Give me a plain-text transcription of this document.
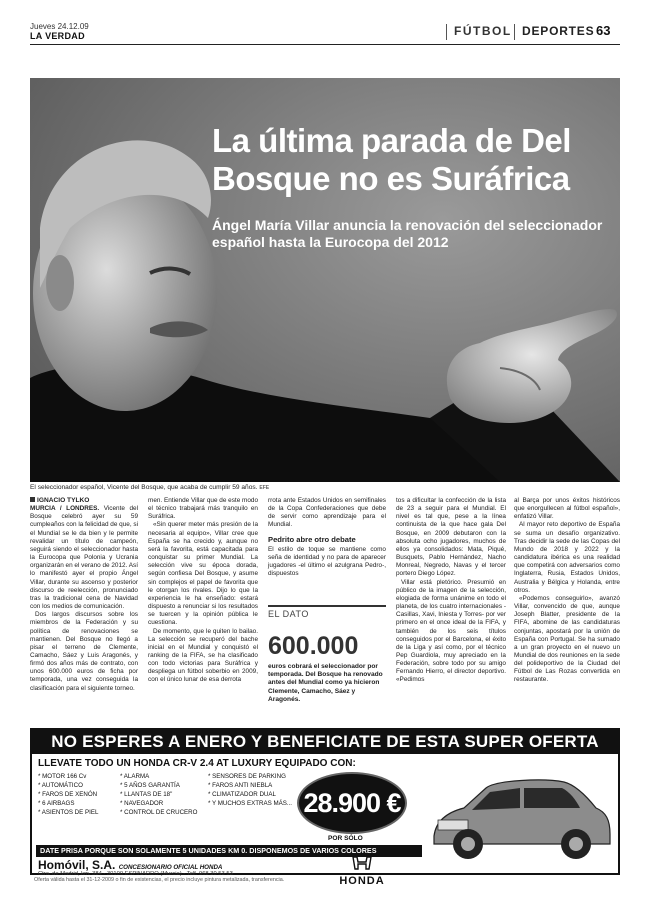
Jueves 24.12.09
LA VERDAD	FÚTBOL DEPORTES 63
La última parada de Del
Bosque no es Suráfrica
Ángel María Villar anuncia la renovación del seleccionador
español hasta la Eurocopa del 2012
El seleccionador español, Vicente del Bosque, que acaba de cumplir 59 años. EFE
IGNACIO TYLKO
MURCIA / LONDRES. Vicente del Bosque celebró ayer su 59 cumpleaños con la felicidad de que, si el Mundial se le da bien y le permite revalidar un título de campeón, seguirá siendo el seleccionador hasta la Eurocopa que Polonia y Ucrania organizarán en el verano de 2012. Así lo manifestó ayer el propio Ángel Villar, durante su ascenso y posterior discurso de reelección, pronunciado tras la tradicional cena de Navidad con los medios de comunicación.

Dos largos discursos sobre los miembros de la Federación y su política de renovaciones se mantienen. Del Bosque no llegó a pisar el terreno de Clemente, Camacho, Sáez y Luis Aragonés, y firmó dos años más de contrato, con unos 600.000 euros de ficha por temporada, una vez conseguida la clasificación para el siguiente torneo.

men. Entiende Villar que de este modo el técnico trabajará más tranquilo en Suráfrica.

«Sin querer meter más presión de la necesaria al equipo», Villar cree que España se ha crecido y, aunque no será la favorita, está capacitada para conquistar su primer Mundial. La selección vive su época dorada, según confiesa Del Bosque, y asume sin complejos el papel de favorita que le otorgan los rivales. Dijo lo que la experiencia le ha enseñado: estará dispuesto a renunciar si los resultados se tuercen y la opinión pública le cuestiona.

De momento, que le quiten lo bailao. La selección se recuperó del bache inicial en el Mundial y conquistó el ranking de la FIFA, se ha clasificado con todo victorias para Suráfrica y despliega un fútbol soberbio en 2009, con el único lunar de esa derrota

rrota ante Estados Unidos en semifinales de la Copa Confederaciones que debe de servir como aprendizaje para el Mundial.

Pedrito abre otro debate

El estilo de toque se mantiene como seña de identidad y no para de aparecer jugadores -el último el azulgrana Pedro-, dispuestos

EL DATO
600.000
euros cobrará el seleccionador por temporada. Del Bosque ha renovado antes del Mundial como ya hicieron Clemente, Camacho, Sáez y Aragonés.

tos a dificultar la confección de la lista de 23 a seguir para el Mundial. El nivel es tal que, pese a la línea continuista de la que hace gala Del Bosque, en 2009 debutaron con la absoluta ocho jugadores, muchos de ellos ya consolidados: Mata, Piqué, Busquets, Pablo Hernández, Nacho Monreal, Negredo, Navas y el tercer portero Diego López.

Villar está pletórico. Presumió en público de la imagen de la selección, elogiada de forma unánime en todo el planeta, de los cuatro internacionales -Casillas, Xavi, Iniesta y Torres- por ver primero en el once ideal de la FIFA, y también de los seis títulos conseguidos por el Barcelona, el éxito de la Liga y así como, por el técnico Pep Guardiola, muy apreciado en la Federación, sobre todo por su amigo Fernando Hierro, el director deportivo. «Pedimos

al Barça por unos éxitos históricos que enorgullecen al fútbol español», enfatizó Villar.

Al mayor reto deportivo de España se suma un desafío organizativo. Tras decidir la sede de las Copas del Mundo de 2018 y 2022 y la candidatura ibérica es una realidad que competirá con adversarios como Inglaterra, Rusia, Estados Unidos, Australia y Bélgica y Holanda, entre otros.

«Podemos conseguirlo», avanzó Villar, convencido de que, aunque Joseph Blatter, presidente de la FIFA, abomine de las candidaturas conjuntas, apostará por la unión de España con Portugal. Se ha sumado a un gran proyecto en el nuevo un Mundial de dos reuniones en la sede del polideportivo de la Ciudad del Fútbol de Las Rozas convertida en restaurante.

NO ESPERES A ENERO Y BENEFICIATE DE ESTA SUPER OFERTA
LLEVATE TODO UN HONDA CR-V 2.4 AT LUXURY EQUIPADO CON:
* MOTOR 166 Cv
* AUTOMÁTICO
* FAROS DE XENÓN
* 6 AIRBAGS
* ASIENTOS DE PIEL
* ALARMA
* 5 AÑOS GARANTÍA
* LLANTAS DE 18"
* NAVEGADOR
* CONTROL DE CRUCERO
* SENSORES DE PARKING
* FAROS ANTI NIEBLA
* CLIMATIZADOR DUAL
* Y MUCHOS EXTRAS MÁS... 28.900 €
POR SÓLO
DATE PRISA PORQUE SON SOLAMENTE 5 UNIDADES KM 0. DISPONEMOS DE VARIOS COLORES
Homóvil, S.A. CONCESIONARIO OFICIAL HONDA
Ctra. de Madrid, km. 384 - 30100 ESPINARDO (Murcia) - Telf. 968 30 53 53
HONDA
Oferta válida hasta el 31-12-2009 o fin de existencias, el precio incluye pintura metalizada, transferencia.
